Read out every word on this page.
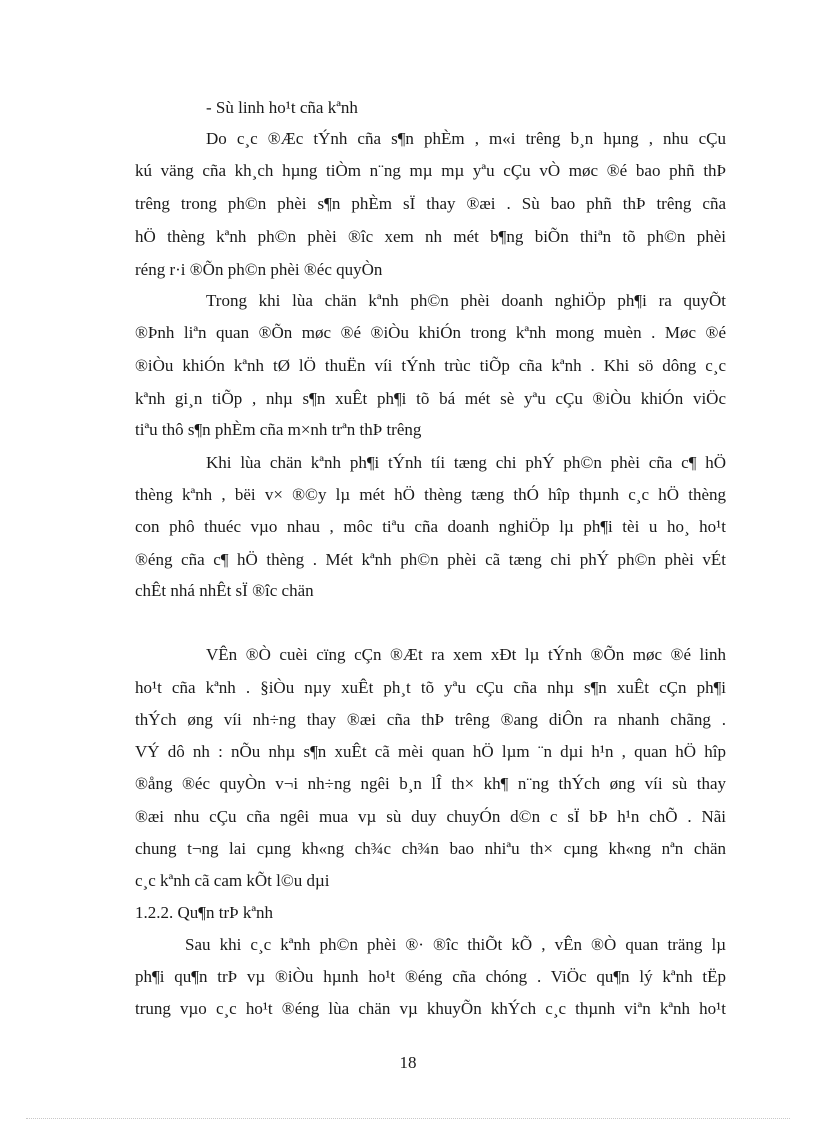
- Sù linh ho¹t cña kªnh
Do c¸c ®Æc tÝnh cña s¶n phÈm , m«i trêng b¸n hµng , nhu cÇu
kú väng cña kh¸ch hµng tiÒm n¨ng mµ mµ yªu cÇu vÒ møc ®é bao phñ thÞ
trêng trong ph©n phèi s¶n phÈm sÏ thay ®æi . Sù bao phñ thÞ trêng cña
hÖ thèng kªnh ph©n phèi ®îc xem nh mét b¶ng biÕn thiªn tõ ph©n phèi
réng r·i ®Õn ph©n phèi ®éc quyÒn
Trong khi lùa chän kªnh ph©n phèi doanh nghiÖp ph¶i ra quyÕt
®Þnh liªn quan ®Õn møc ®é ®iÒu khiÓn trong kªnh mong muèn . Møc ®é
®iÒu khiÓn kªnh tØ lÖ thuËn víi tÝnh trùc tiÕp cña kªnh . Khi sö dông c¸c
kªnh gi¸n tiÕp , nhµ s¶n xuÊt ph¶i tõ bá mét sè yªu cÇu ®iÒu khiÓn viÖc
tiªu thô s¶n phÈm cña m×nh trªn thÞ trêng
Khi lùa chän kªnh ph¶i tÝnh tíi tæng chi phÝ ph©n phèi cña c¶ hÖ
thèng kªnh , bëi v× ®©y lµ mét hÖ thèng tæng thÓ hîp thµnh c¸c hÖ thèng
con phô thuéc vµo nhau , môc tiªu cña doanh nghiÖp lµ ph¶i tèi u ho¸ ho¹t
®éng cña c¶ hÖ thèng . Mét kªnh ph©n phèi cã tæng chi phÝ ph©n phèi vÉt
chÊt nhá nhÊt sÏ ®îc chän
VÊn ®Ò cuèi cïng cÇn ®Æt ra xem xÐt lµ tÝnh ®Õn møc ®é linh
ho¹t cña kªnh . §iÒu nµy xuÊt ph¸t tõ yªu cÇu cña nhµ s¶n xuÊt cÇn ph¶i
thÝch øng víi nh÷ng thay ®æi cña thÞ trêng ®ang diÔn ra nhanh chãng .
VÝ dô nh : nÕu nhµ s¶n xuÊt cã mèi quan hÖ lµm ¨n dµi h¹n , quan hÖ hîp
®ång ®éc quyÒn v¬i nh÷ng ngêi b¸n lÎ th× kh¶ n¨ng thÝch øng víi sù thay
®æi nhu cÇu cña ngêi mua vµ sù duy chuyÓn d©n c sÏ bÞ h¹n chÕ . Nãi
chung t¬ng lai cµng kh«ng ch¾c ch¾n bao nhiªu th× cµng kh«ng nªn chän
c¸c kªnh cã cam kÕt l©u dµi
1.2.2. Qu¶n trÞ kªnh
Sau khi c¸c kªnh ph©n phèi ®· ®îc thiÕt kÕ , vÊn ®Ò quan träng lµ
ph¶i qu¶n trÞ vµ ®iÒu hµnh ho¹t ®éng cña chóng . ViÖc qu¶n lý kªnh tËp
trung vµo c¸c ho¹t ®éng lùa chän vµ khuyÕn khÝch c¸c thµnh viªn kªnh ho¹t
18
